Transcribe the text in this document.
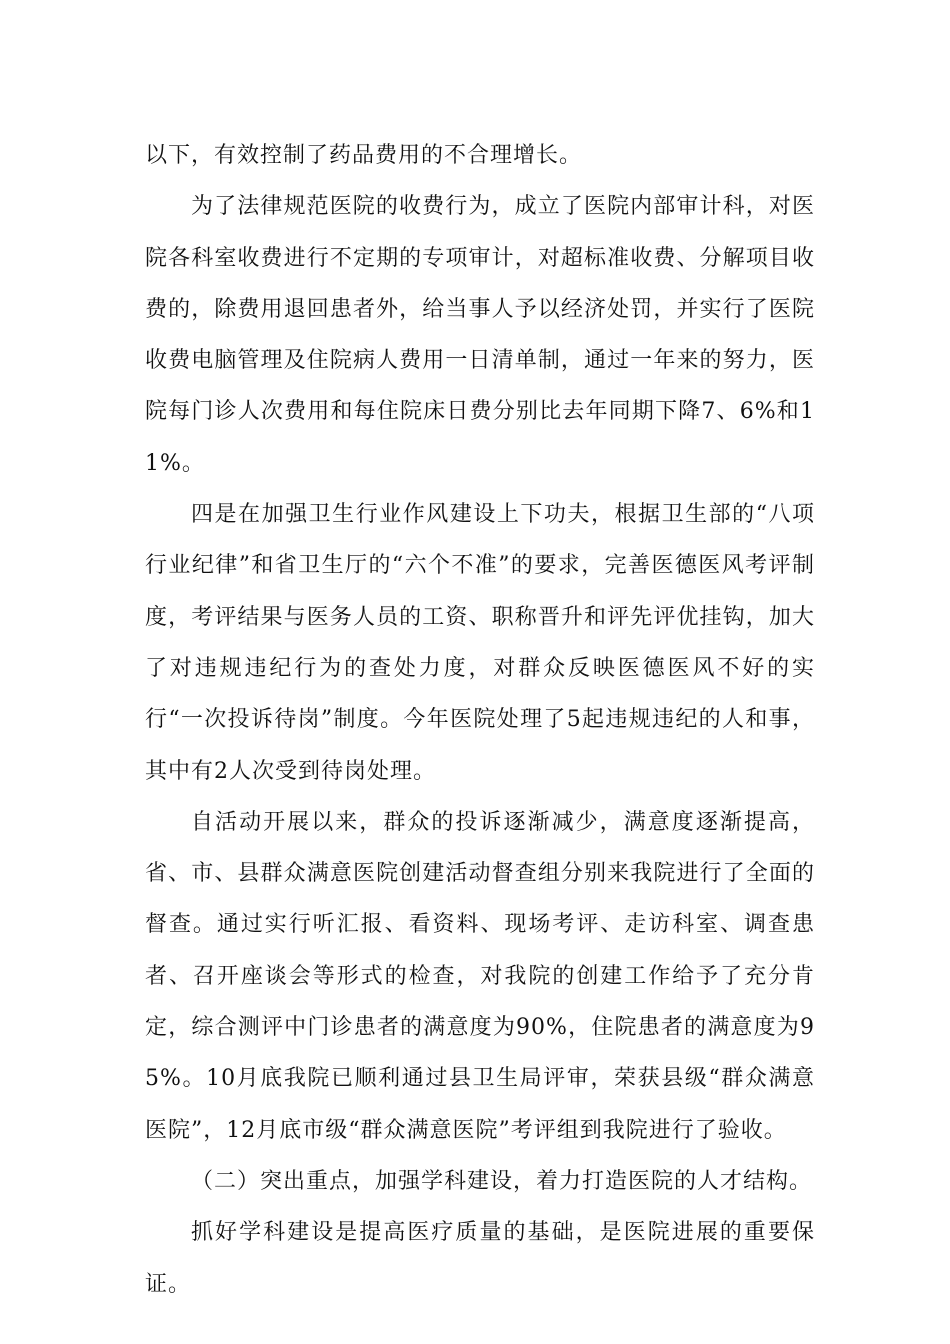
以下，有效控制了药品费用的不合理增长。

为了法律规范医院的收费行为，成立了医院内部审计科，对医院各科室收费进行不定期的专项审计，对超标准收费、分解项目收费的，除费用退回患者外，给当事人予以经济处罚，并实行了医院收费电脑管理及住院病人费用一日清单制，通过一年来的努力，医院每门诊人次费用和每住院床日费分别比去年同期下降7、6%和11%。

四是在加强卫生行业作风建设上下功夫，根据卫生部的“八项行业纪律”和省卫生厅的“六个不准”的要求，完善医德医风考评制度，考评结果与医务人员的工资、职称晋升和评先评优挂钩，加大了对违规违纪行为的查处力度，对群众反映医德医风不好的实行“一次投诉待岗”制度。今年医院处理了5起违规违纪的人和事，其中有2人次受到待岗处理。

自活动开展以来，群众的投诉逐渐减少，满意度逐渐提高，省、市、县群众满意医院创建活动督查组分别来我院进行了全面的督查。通过实行听汇报、看资料、现场考评、走访科室、调查患者、召开座谈会等形式的检查，对我院的创建工作给予了充分肯定，综合测评中门诊患者的满意度为90%，住院患者的满意度为95%。10月底我院已顺利通过县卫生局评审，荣获县级“群众满意医院”，12月底市级“群众满意医院”考评组到我院进行了验收。

（二）突出重点，加强学科建设，着力打造医院的人才结构。

抓好学科建设是提高医疗质量的基础，是医院进展的重要保证。
